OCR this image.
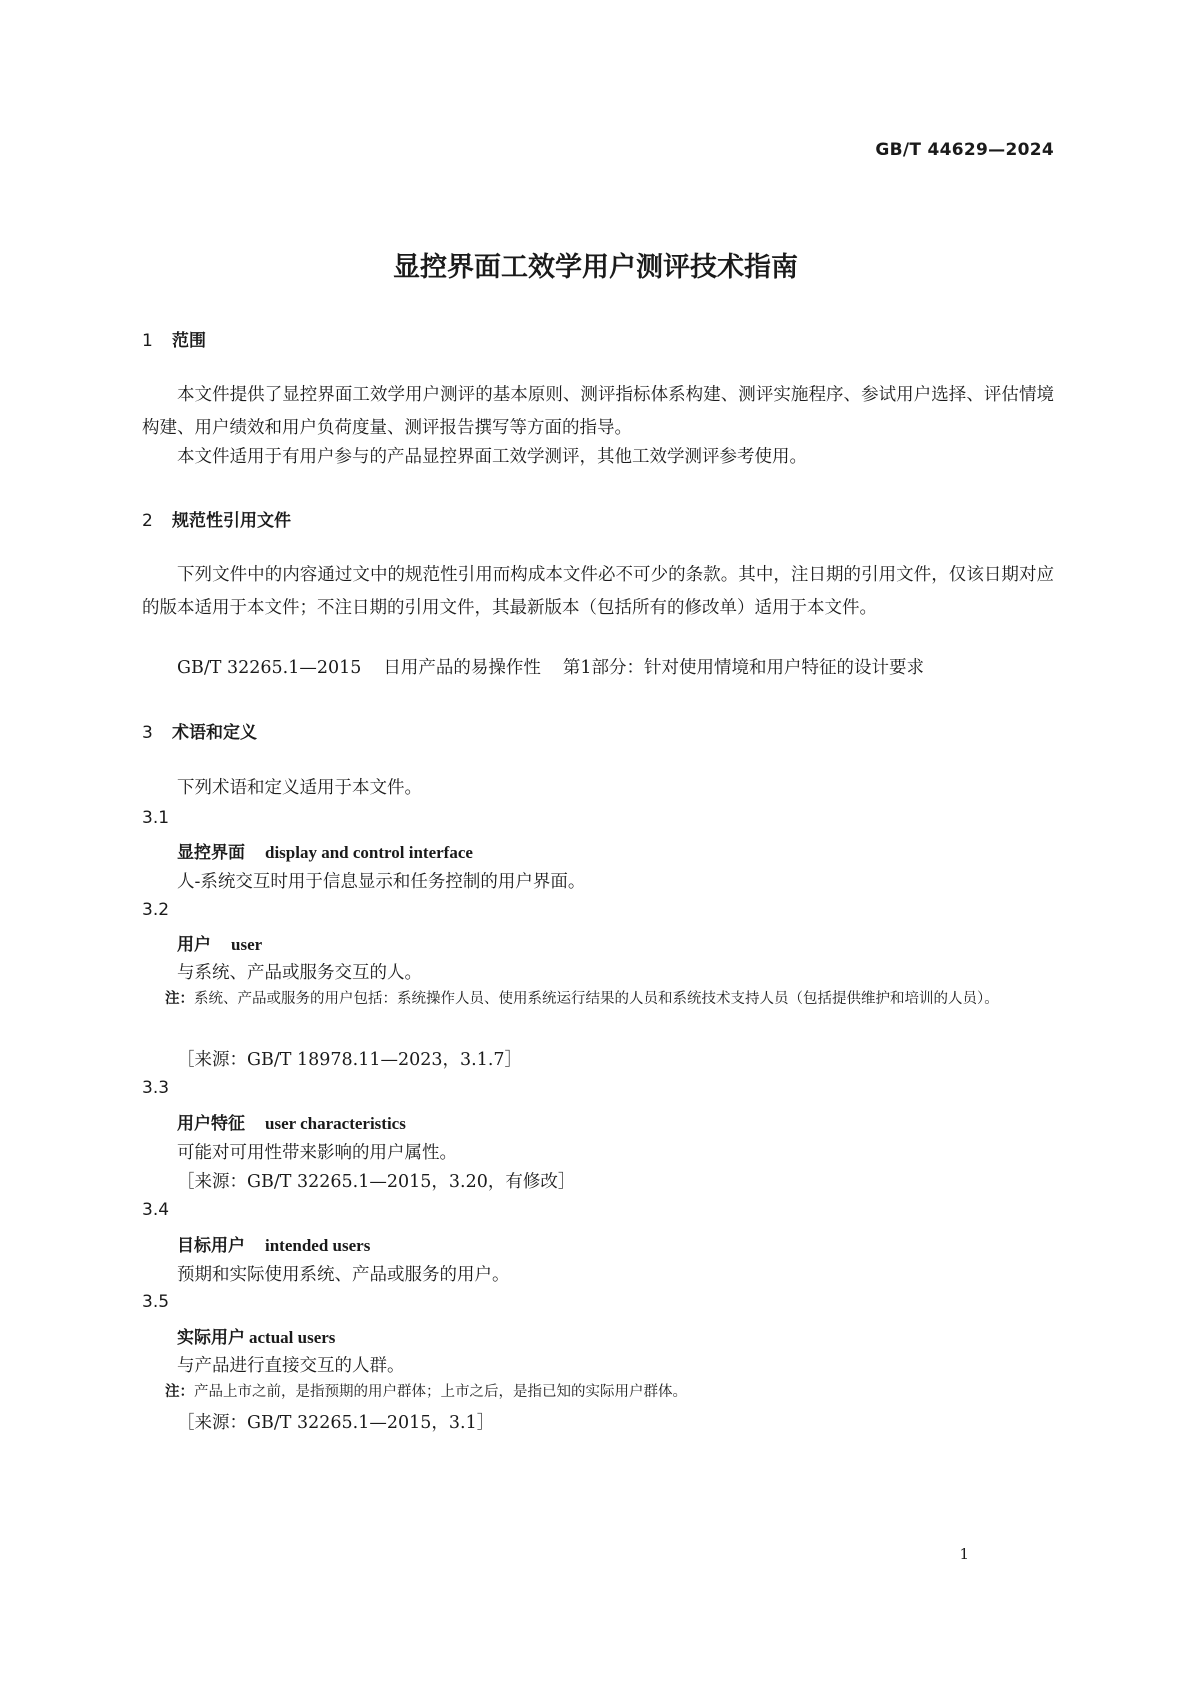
GB/T 44629—2024
显控界面工效学用户测评技术指南
1 范围
本文件提供了显控界面工效学用户测评的基本原则、测评指标体系构建、测评实施程序、参试用户选择、评估情境构建、用户绩效和用户负荷度量、测评报告撰写等方面的指导。
本文件适用于有用户参与的产品显控界面工效学测评，其他工效学测评参考使用。
2 规范性引用文件
下列文件中的内容通过文中的规范性引用而构成本文件必不可少的条款。其中，注日期的引用文件，仅该日期对应的版本适用于本文件；不注日期的引用文件，其最新版本（包括所有的修改单）适用于本文件。
GB/T 32265.1—2015 日用产品的易操作性 第1部分：针对使用情境和用户特征的设计要求
3 术语和定义
下列术语和定义适用于本文件。
3.1
显控界面 display and control interface
人-系统交互时用于信息显示和任务控制的用户界面。
3.2
用户 user
与系统、产品或服务交互的人。
注：系统、产品或服务的用户包括：系统操作人员、使用系统运行结果的人员和系统技术支持人员（包括提供维护和培训的人员）。
［来源：GB/T 18978.11—2023，3.1.7］
3.3
用户特征 user characteristics
可能对可用性带来影响的用户属性。
［来源：GB/T 32265.1—2015，3.20，有修改］
3.4
目标用户 intended users
预期和实际使用系统、产品或服务的用户。
3.5
实际用户 actual users
与产品进行直接交互的人群。
注：产品上市之前，是指预期的用户群体；上市之后，是指已知的实际用户群体。
［来源：GB/T 32265.1—2015，3.1］
1
